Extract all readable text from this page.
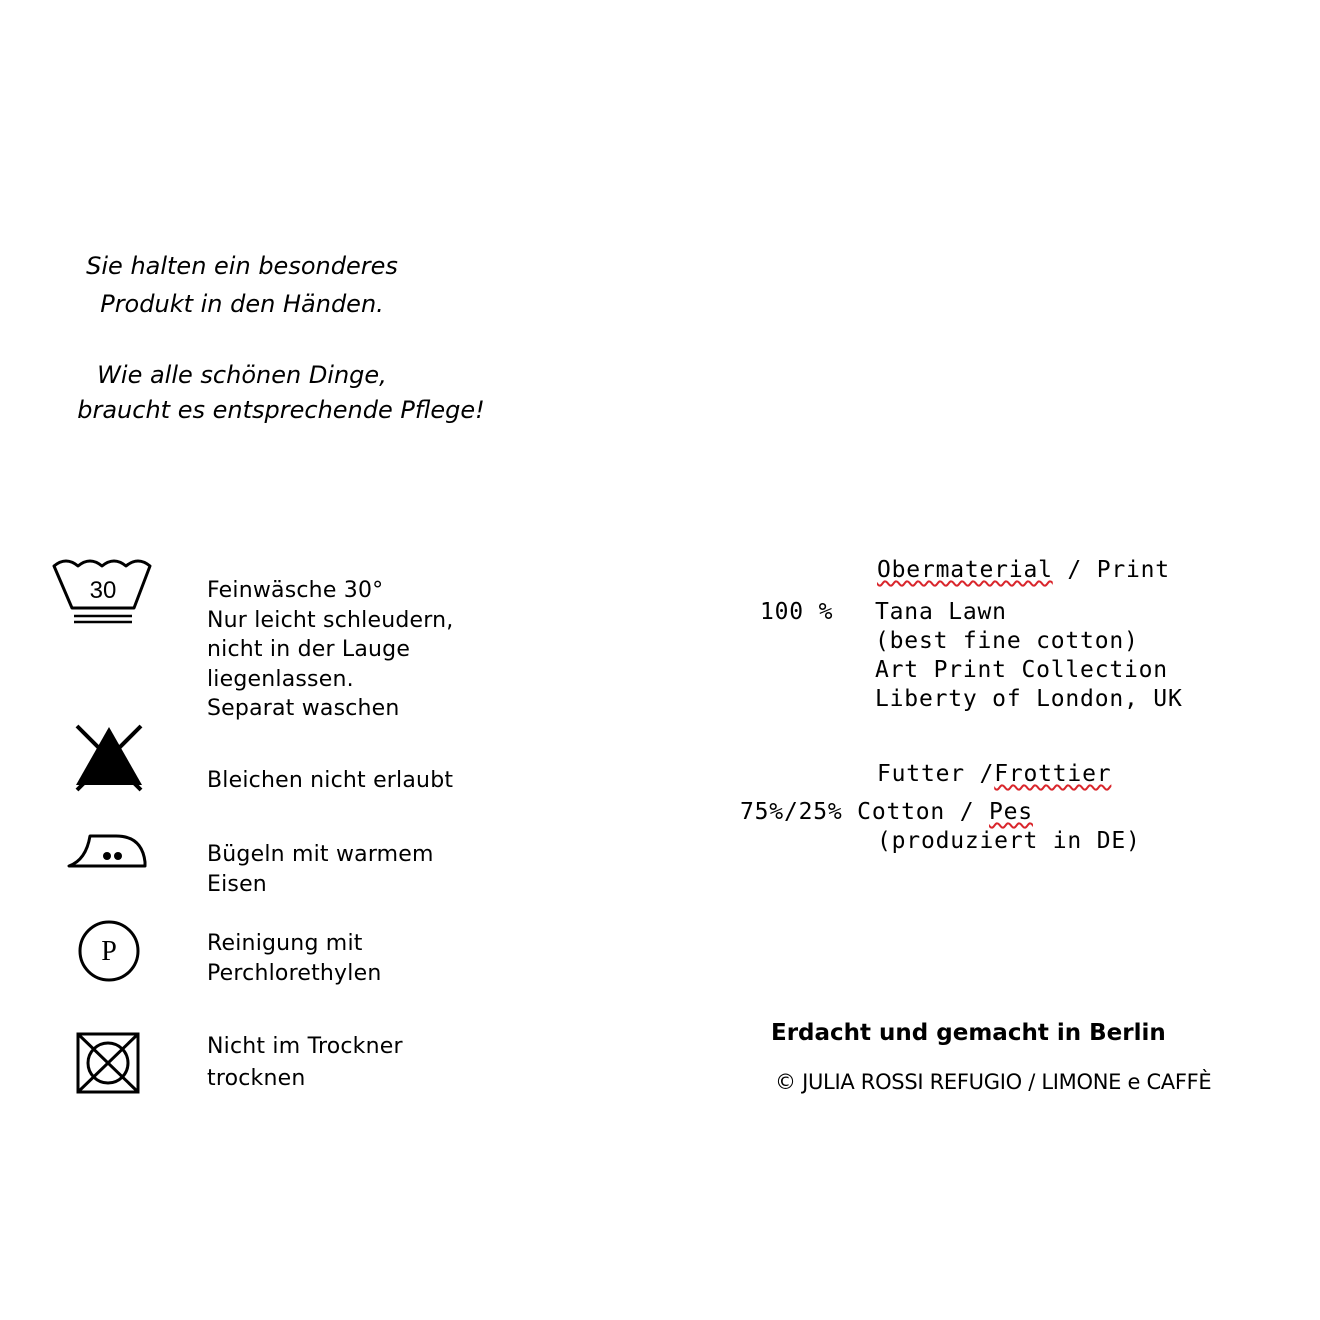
Sie halten ein besonderes
Produkt in den Händen.
Wie alle schönen Dinge,
braucht es entsprechende Pflege!
30
P
Feinwäsche 30°
Nur leicht schleudern,
nicht in der Lauge
liegenlassen.
Separat waschen
Bleichen nicht erlaubt
Bügeln mit warmem
Eisen
Reinigung mit
Perchlorethylen
Nicht im Trockner
trocknen
Obermaterial / Print
100 % Tana Lawn
(best fine cotton)
Art Print Collection
Liberty of London, UK
Futter /Frottier
75%/25% Cotton / Pes
(produziert in DE)
Erdacht und gemacht in Berlin
© JULIA ROSSI REFUGIO / LIMONE e CAFFÈ
